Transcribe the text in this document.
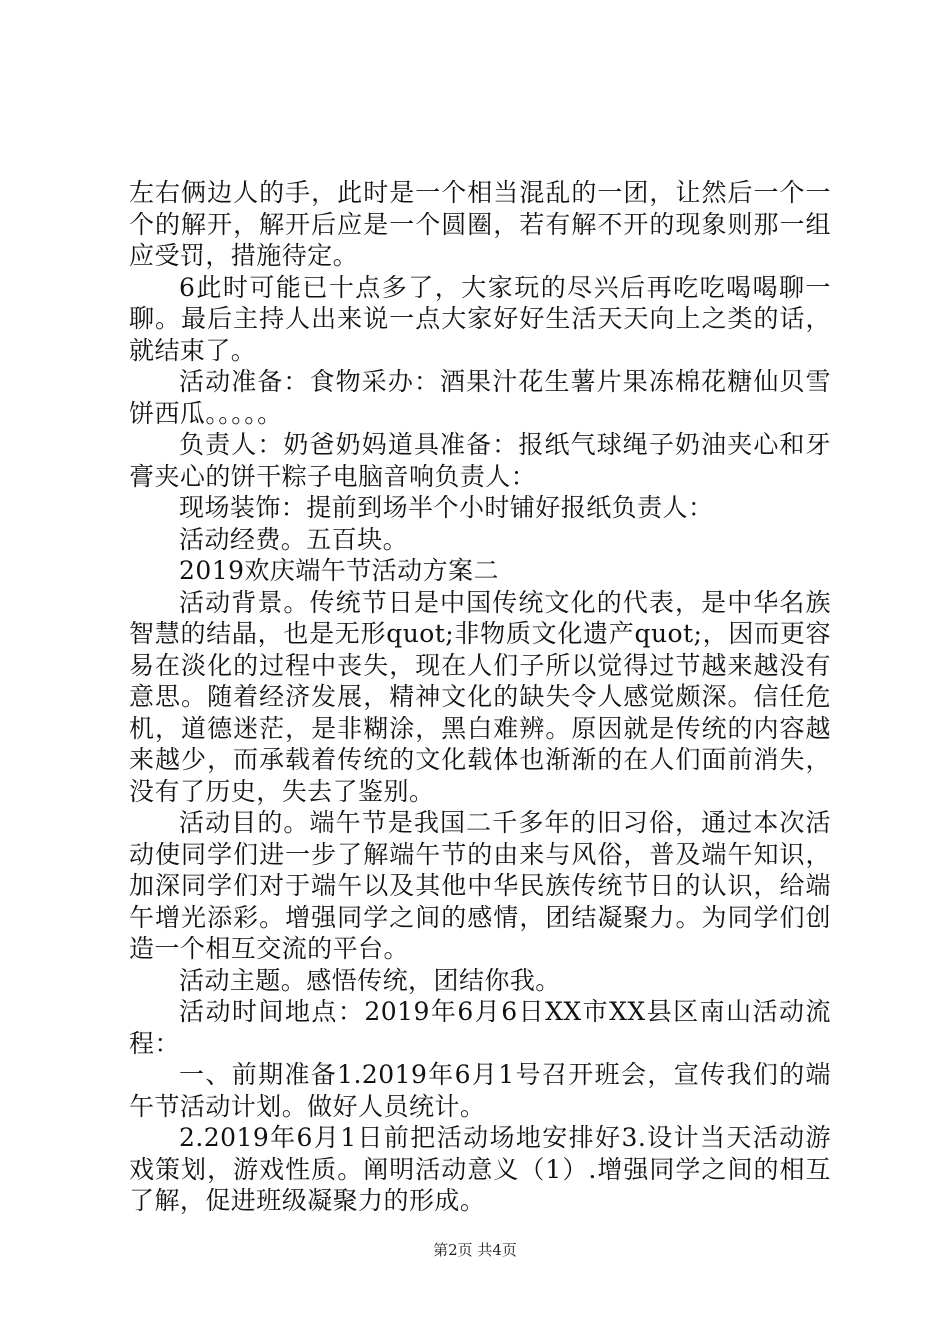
左右俩边人的手，此时是一个相当混乱的一团，让然后一个一个的解开，解开后应是一个圆圈，若有解不开的现象则那一组应受罚，措施待定。

6此时可能已十点多了，大家玩的尽兴后再吃吃喝喝聊一聊。最后主持人出来说一点大家好好生活天天向上之类的话，就结束了。

活动准备：食物采办：酒果汁花生薯片果冻棉花糖仙贝雪饼西瓜。。。。。

负责人：奶爸奶妈道具准备：报纸气球绳子奶油夹心和牙膏夹心的饼干粽子电脑音响负责人：

现场装饰：提前到场半个小时铺好报纸负责人：

活动经费。五百块。

2019欢庆端午节活动方案二

活动背景。传统节日是中国传统文化的代表，是中华名族智慧的结晶，也是无形quot;非物质文化遗产quot;，因而更容易在淡化的过程中丧失，现在人们子所以觉得过节越来越没有意思。随着经济发展，精神文化的缺失令人感觉颇深。信任危机，道德迷茫，是非糊涂，黑白难辨。原因就是传统的内容越来越少，而承载着传统的文化载体也渐渐的在人们面前消失，没有了历史，失去了鉴别。

活动目的。端午节是我国二千多年的旧习俗，通过本次活动使同学们进一步了解端午节的由来与风俗，普及端午知识，加深同学们对于端午以及其他中华民族传统节日的认识，给端午增光添彩。增强同学之间的感情，团结凝聚力。为同学们创造一个相互交流的平台。

活动主题。感悟传统，团结你我。

活动时间地点：2019年6月6日XX市XX县区南山活动流程：

一、前期准备1.2019年6月1号召开班会，宣传我们的端午节活动计划。做好人员统计。

2.2019年6月1日前把活动场地安排好3.设计当天活动游戏策划，游戏性质。阐明活动意义（1）.增强同学之间的相互了解，促进班级凝聚力的形成。

第2页 共4页
